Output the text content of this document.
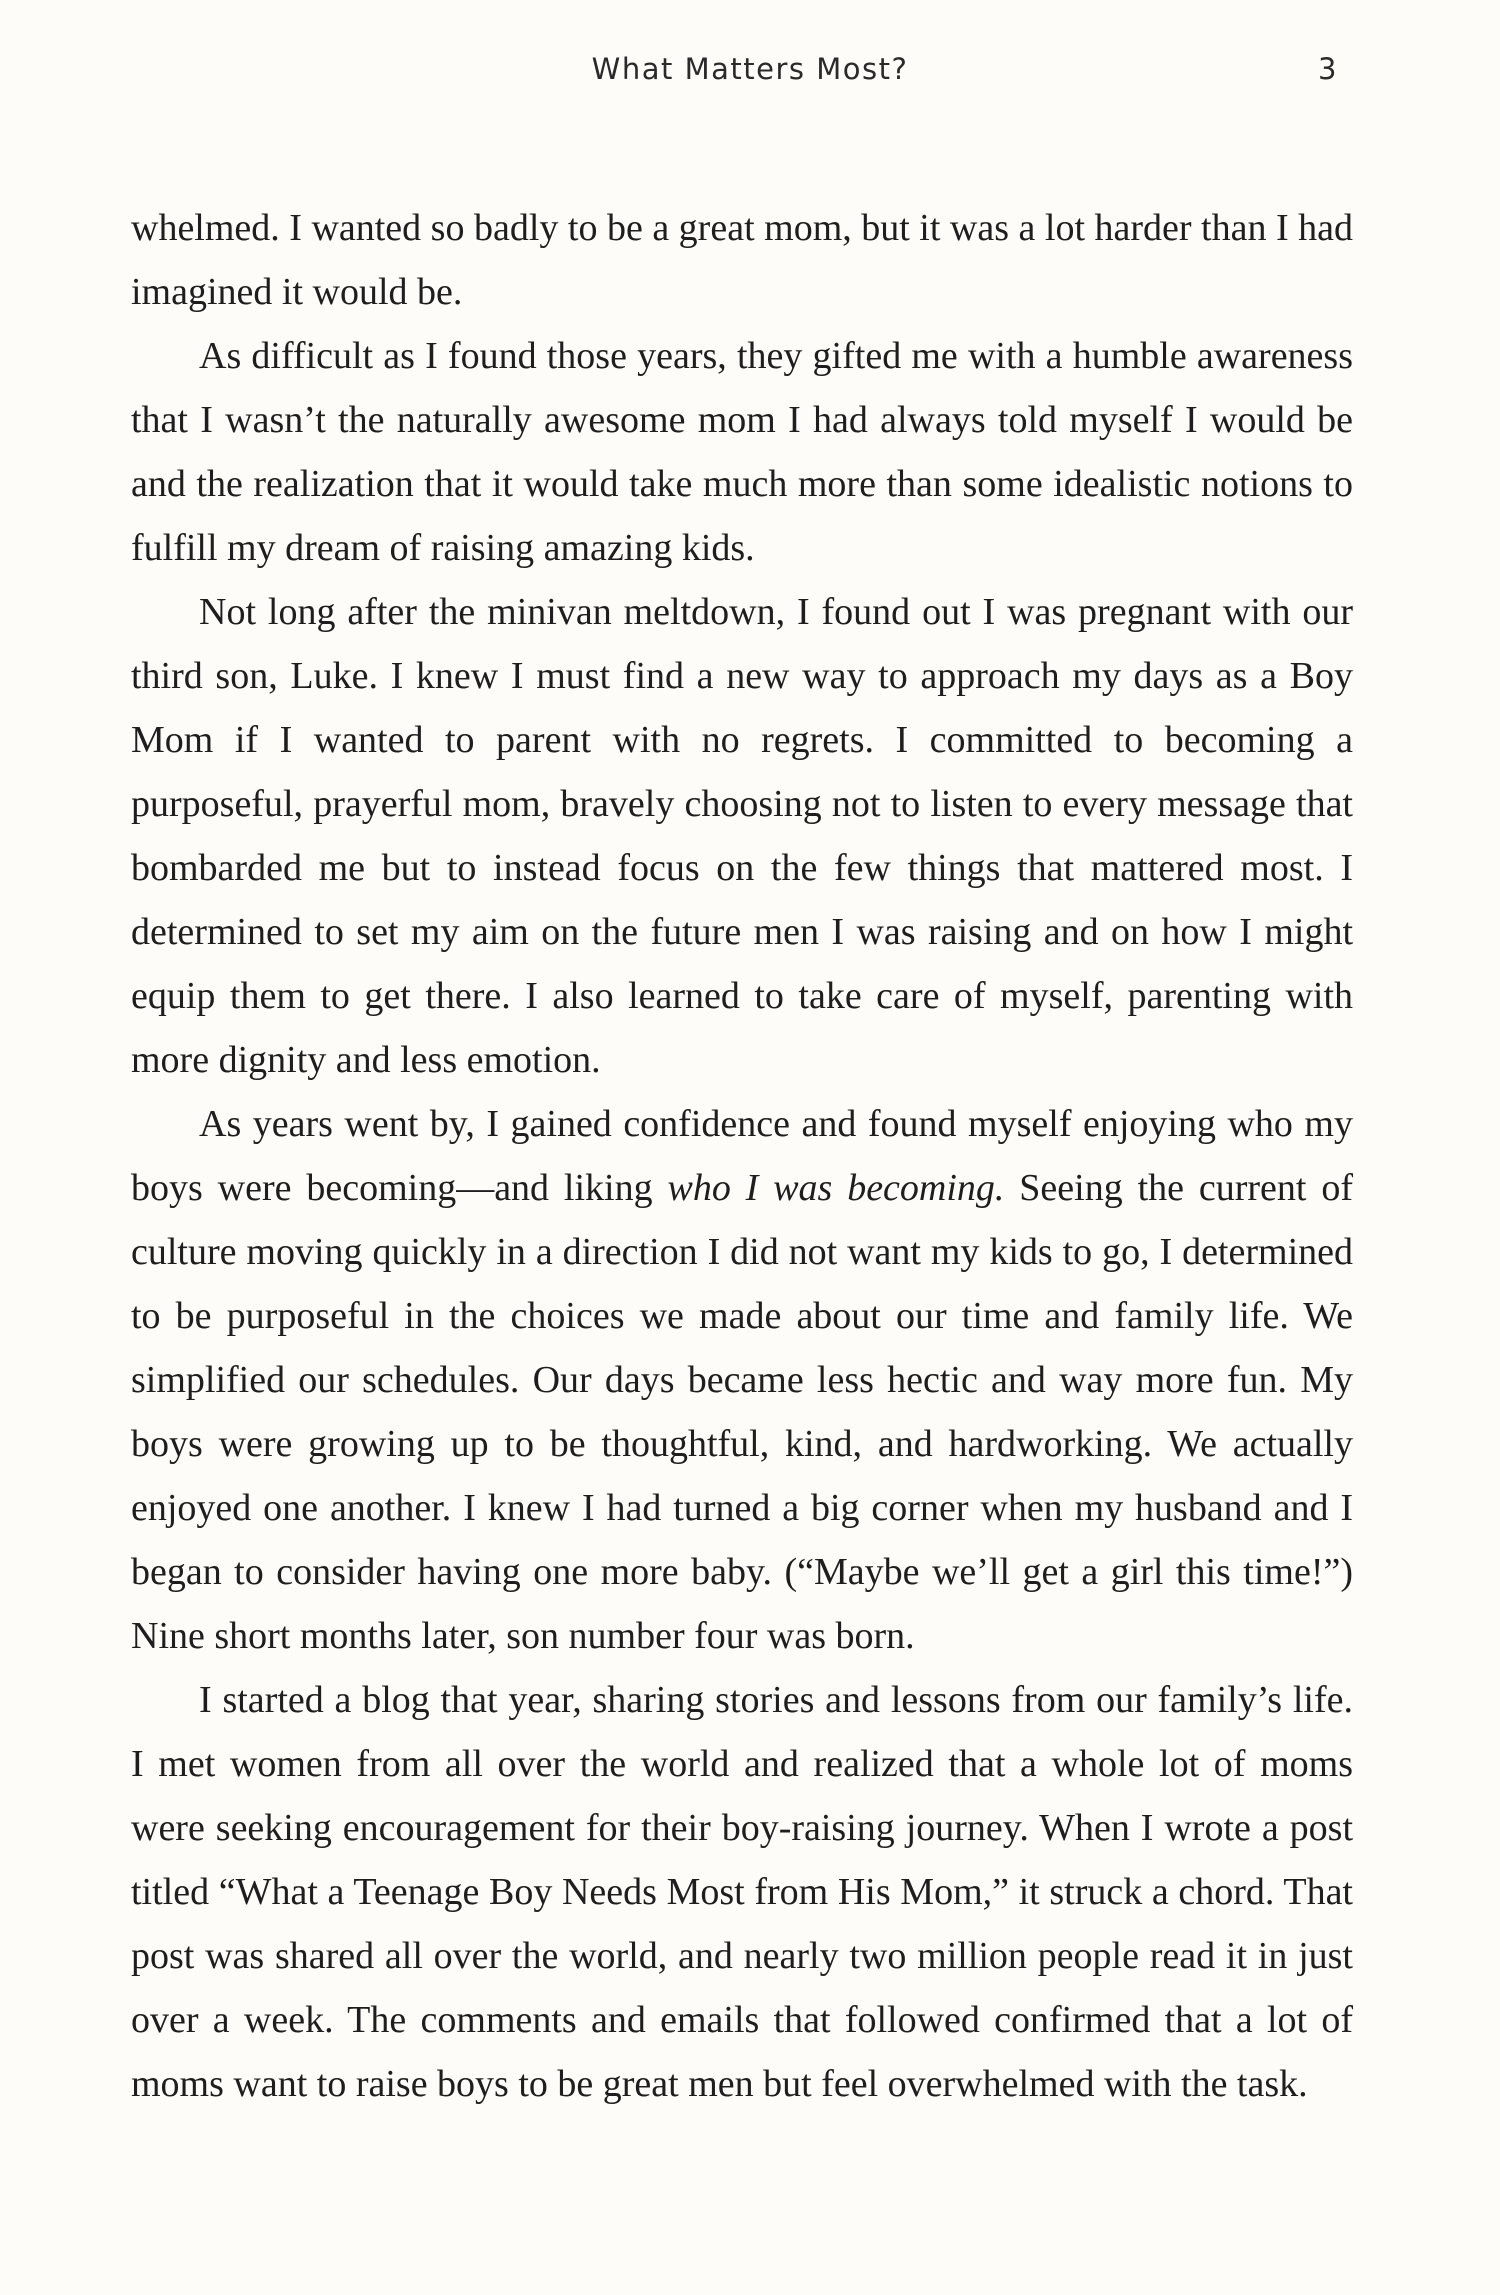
What Matters Most?	3

whelmed. I wanted so badly to be a great mom, but it was a lot harder than I had imagined it would be.

As difficult as I found those years, they gifted me with a humble awareness that I wasn’t the naturally awesome mom I had always told myself I would be and the realization that it would take much more than some idealistic notions to fulfill my dream of raising amazing kids.

Not long after the minivan meltdown, I found out I was pregnant with our third son, Luke. I knew I must find a new way to approach my days as a Boy Mom if I wanted to parent with no regrets. I committed to becoming a purposeful, prayerful mom, bravely choosing not to listen to every message that bombarded me but to instead focus on the few things that mattered most. I determined to set my aim on the future men I was raising and on how I might equip them to get there. I also learned to take care of myself, parenting with more dignity and less emotion.

As years went by, I gained confidence and found myself enjoying who my boys were becoming—and liking who I was becoming. Seeing the current of culture moving quickly in a direction I did not want my kids to go, I determined to be purposeful in the choices we made about our time and family life. We simplified our schedules. Our days became less hectic and way more fun. My boys were growing up to be thoughtful, kind, and hardworking. We actually enjoyed one another. I knew I had turned a big corner when my husband and I began to consider having one more baby. (“Maybe we’ll get a girl this time!”) Nine short months later, son number four was born.

I started a blog that year, sharing stories and lessons from our family’s life. I met women from all over the world and realized that a whole lot of moms were seeking encouragement for their boy-raising journey. When I wrote a post titled “What a Teenage Boy Needs Most from His Mom,” it struck a chord. That post was shared all over the world, and nearly two million people read it in just over a week. The comments and emails that followed confirmed that a lot of moms want to raise boys to be great men but feel overwhelmed with the task.
